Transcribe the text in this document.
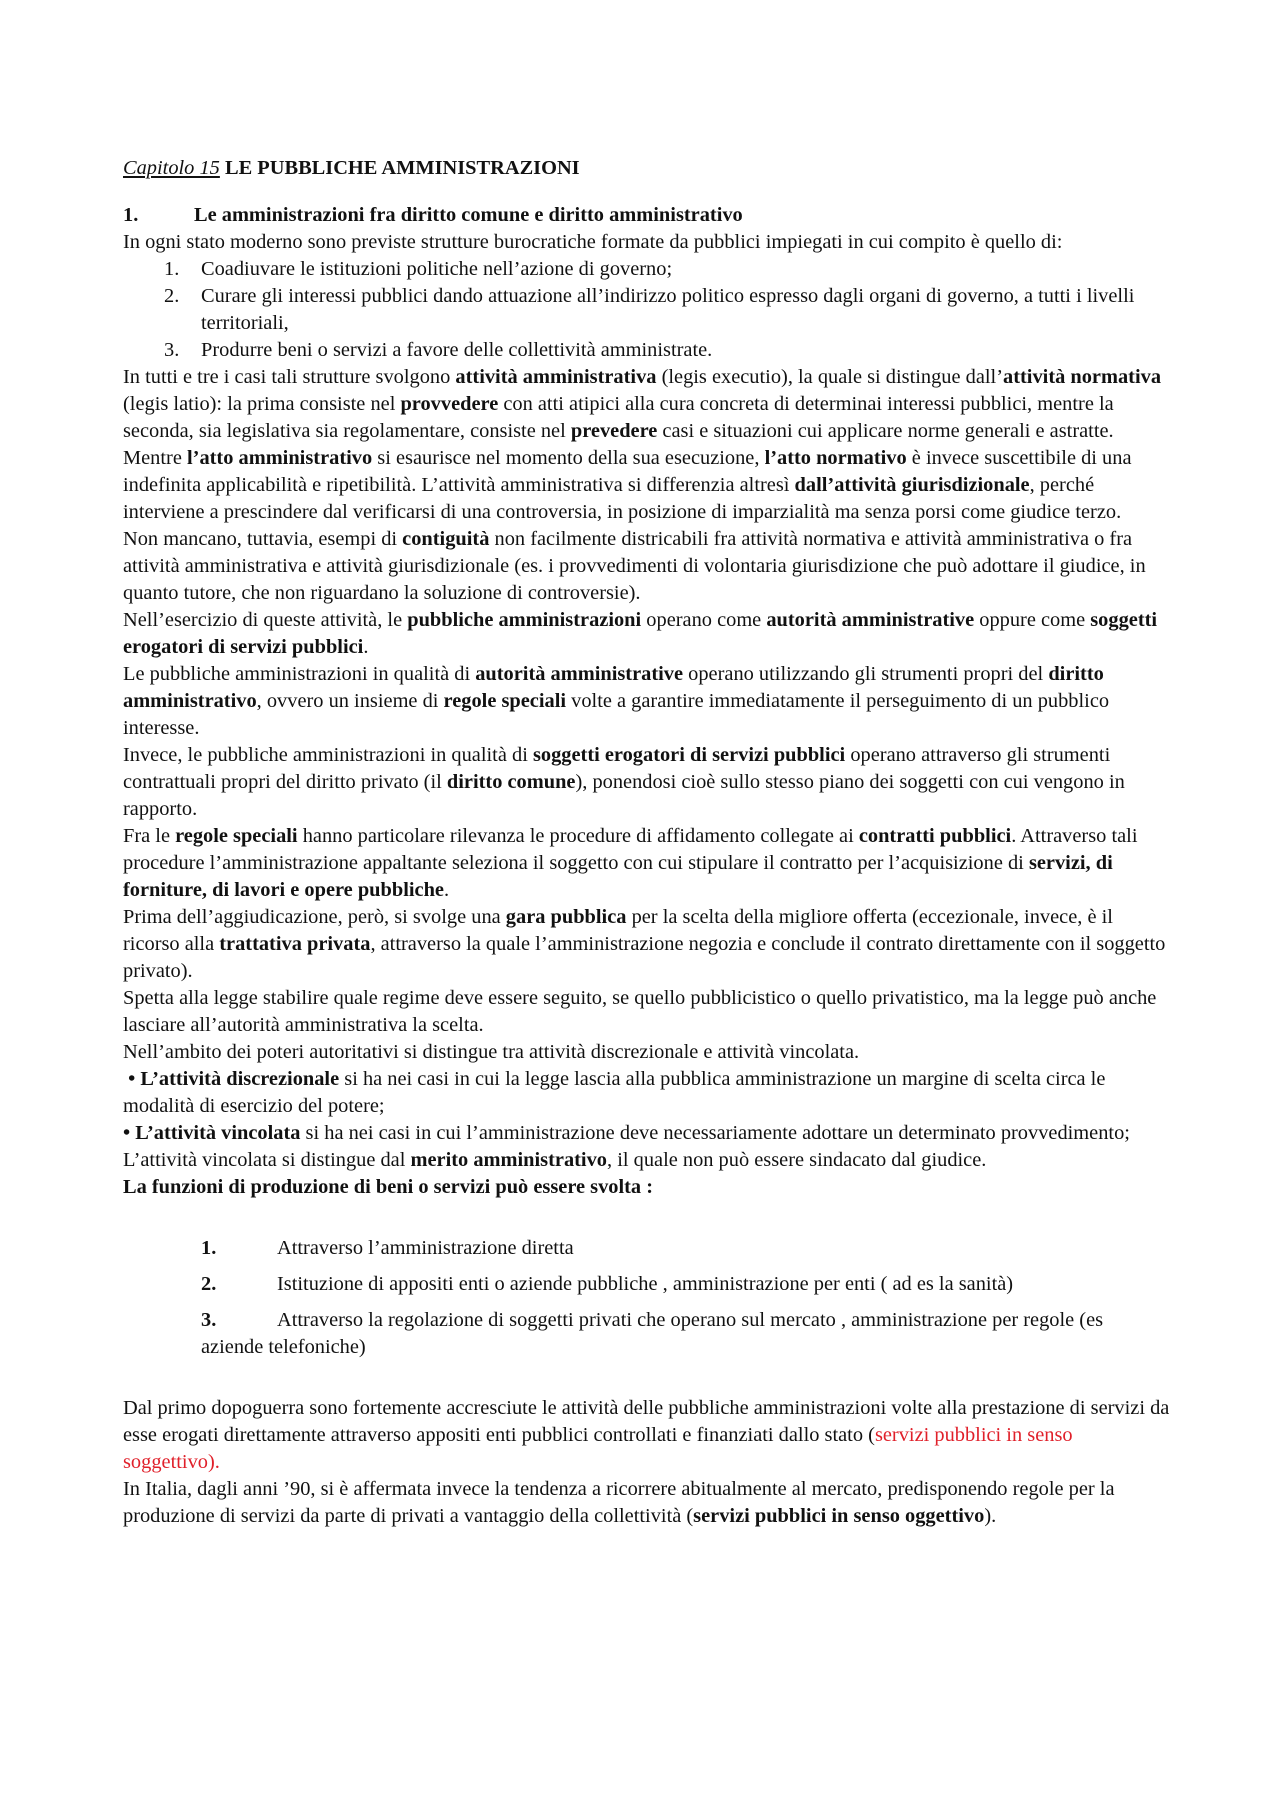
Capitolo 15 LE PUBBLICHE AMMINISTRAZIONI

1.	Le amministrazioni fra diritto comune e diritto amministrativo

In ogni stato moderno sono previste strutture burocratiche formate da pubblici impiegati in cui compito è quello di:

1. Coadiuvare le istituzioni politiche nell’azione di governo;
2. Curare gli interessi pubblici dando attuazione all’indirizzo politico espresso dagli organi di governo, a tutti i livelli territoriali,
3. Produrre beni o servizi a favore delle collettività amministrate.

In tutti e tre i casi tali strutture svolgono attività amministrativa (legis executio), la quale si distingue dall’attività normativa (legis latio): la prima consiste nel provvedere con atti atipici alla cura concreta di determinai interessi pubblici, mentre la seconda, sia legislativa sia regolamentare, consiste nel prevedere casi e situazioni cui applicare norme generali e astratte.

Mentre l’atto amministrativo si esaurisce nel momento della sua esecuzione, l’atto normativo è invece suscettibile di una indefinita applicabilità e ripetibilità. L’attività amministrativa si differenzia altresì dall’attività giurisdizionale, perché interviene a prescindere dal verificarsi di una controversia, in posizione di imparzialità ma senza porsi come giudice terzo.

Non mancano, tuttavia, esempi di contiguità non facilmente districabili fra attività normativa e attività amministrativa o fra attività amministrativa e attività giurisdizionale (es. i provvedimenti di volontaria giurisdizione che può adottare il giudice, in quanto tutore, che non riguardano la soluzione di controversie).

Nell’esercizio di queste attività, le pubbliche amministrazioni operano come autorità amministrative oppure come soggetti erogatori di servizi pubblici.

Le pubbliche amministrazioni in qualità di autorità amministrative operano utilizzando gli strumenti propri del diritto amministrativo, ovvero un insieme di regole speciali volte a garantire immediatamente il perseguimento di un pubblico interesse.

Invece, le pubbliche amministrazioni in qualità di soggetti erogatori di servizi pubblici operano attraverso gli strumenti contrattuali propri del diritto privato (il diritto comune), ponendosi cioè sullo stesso piano dei soggetti con cui vengono in rapporto.

Fra le regole speciali hanno particolare rilevanza le procedure di affidamento collegate ai contratti pubblici. Attraverso tali procedure l’amministrazione appaltante seleziona il soggetto con cui stipulare il contratto per l’acquisizione di servizi, di forniture, di lavori e opere pubbliche.

Prima dell’aggiudicazione, però, si svolge una gara pubblica per la scelta della migliore offerta (eccezionale, invece, è il ricorso alla trattativa privata, attraverso la quale l’amministrazione negozia e conclude il contrato direttamente con il soggetto privato).

Spetta alla legge stabilire quale regime deve essere seguito, se quello pubblicistico o quello privatistico, ma la legge può anche lasciare all’autorità amministrativa la scelta.

Nell’ambito dei poteri autoritativi si distingue tra attività discrezionale e attività vincolata.

• L’attività discrezionale si ha nei casi in cui la legge lascia alla pubblica amministrazione un margine di scelta circa le modalità di esercizio del potere;

• L’attività vincolata si ha nei casi in cui l’amministrazione deve necessariamente adottare un determinato provvedimento;

L’attività vincolata si distingue dal merito amministrativo, il quale non può essere sindacato dal giudice.

La funzioni di produzione di beni o servizi può essere svolta :

1.	Attraverso l’amministrazione diretta
2.	Istituzione di appositi enti o aziende pubbliche , amministrazione per enti ( ad es la sanità)
3.	Attraverso la regolazione di soggetti privati che operano sul mercato , amministrazione per regole (es aziende telefoniche)

Dal primo dopoguerra sono fortemente accresciute le attività delle pubbliche amministrazioni volte alla prestazione di servizi da esse erogati direttamente attraverso appositi enti pubblici controllati e finanziati dallo stato (servizi pubblici in senso soggettivo).

In Italia, dagli anni ’90, si è affermata invece la tendenza a ricorrere abitualmente al mercato, predisponendo regole per la produzione di servizi da parte di privati a vantaggio della collettività (servizi pubblici in senso oggettivo).
